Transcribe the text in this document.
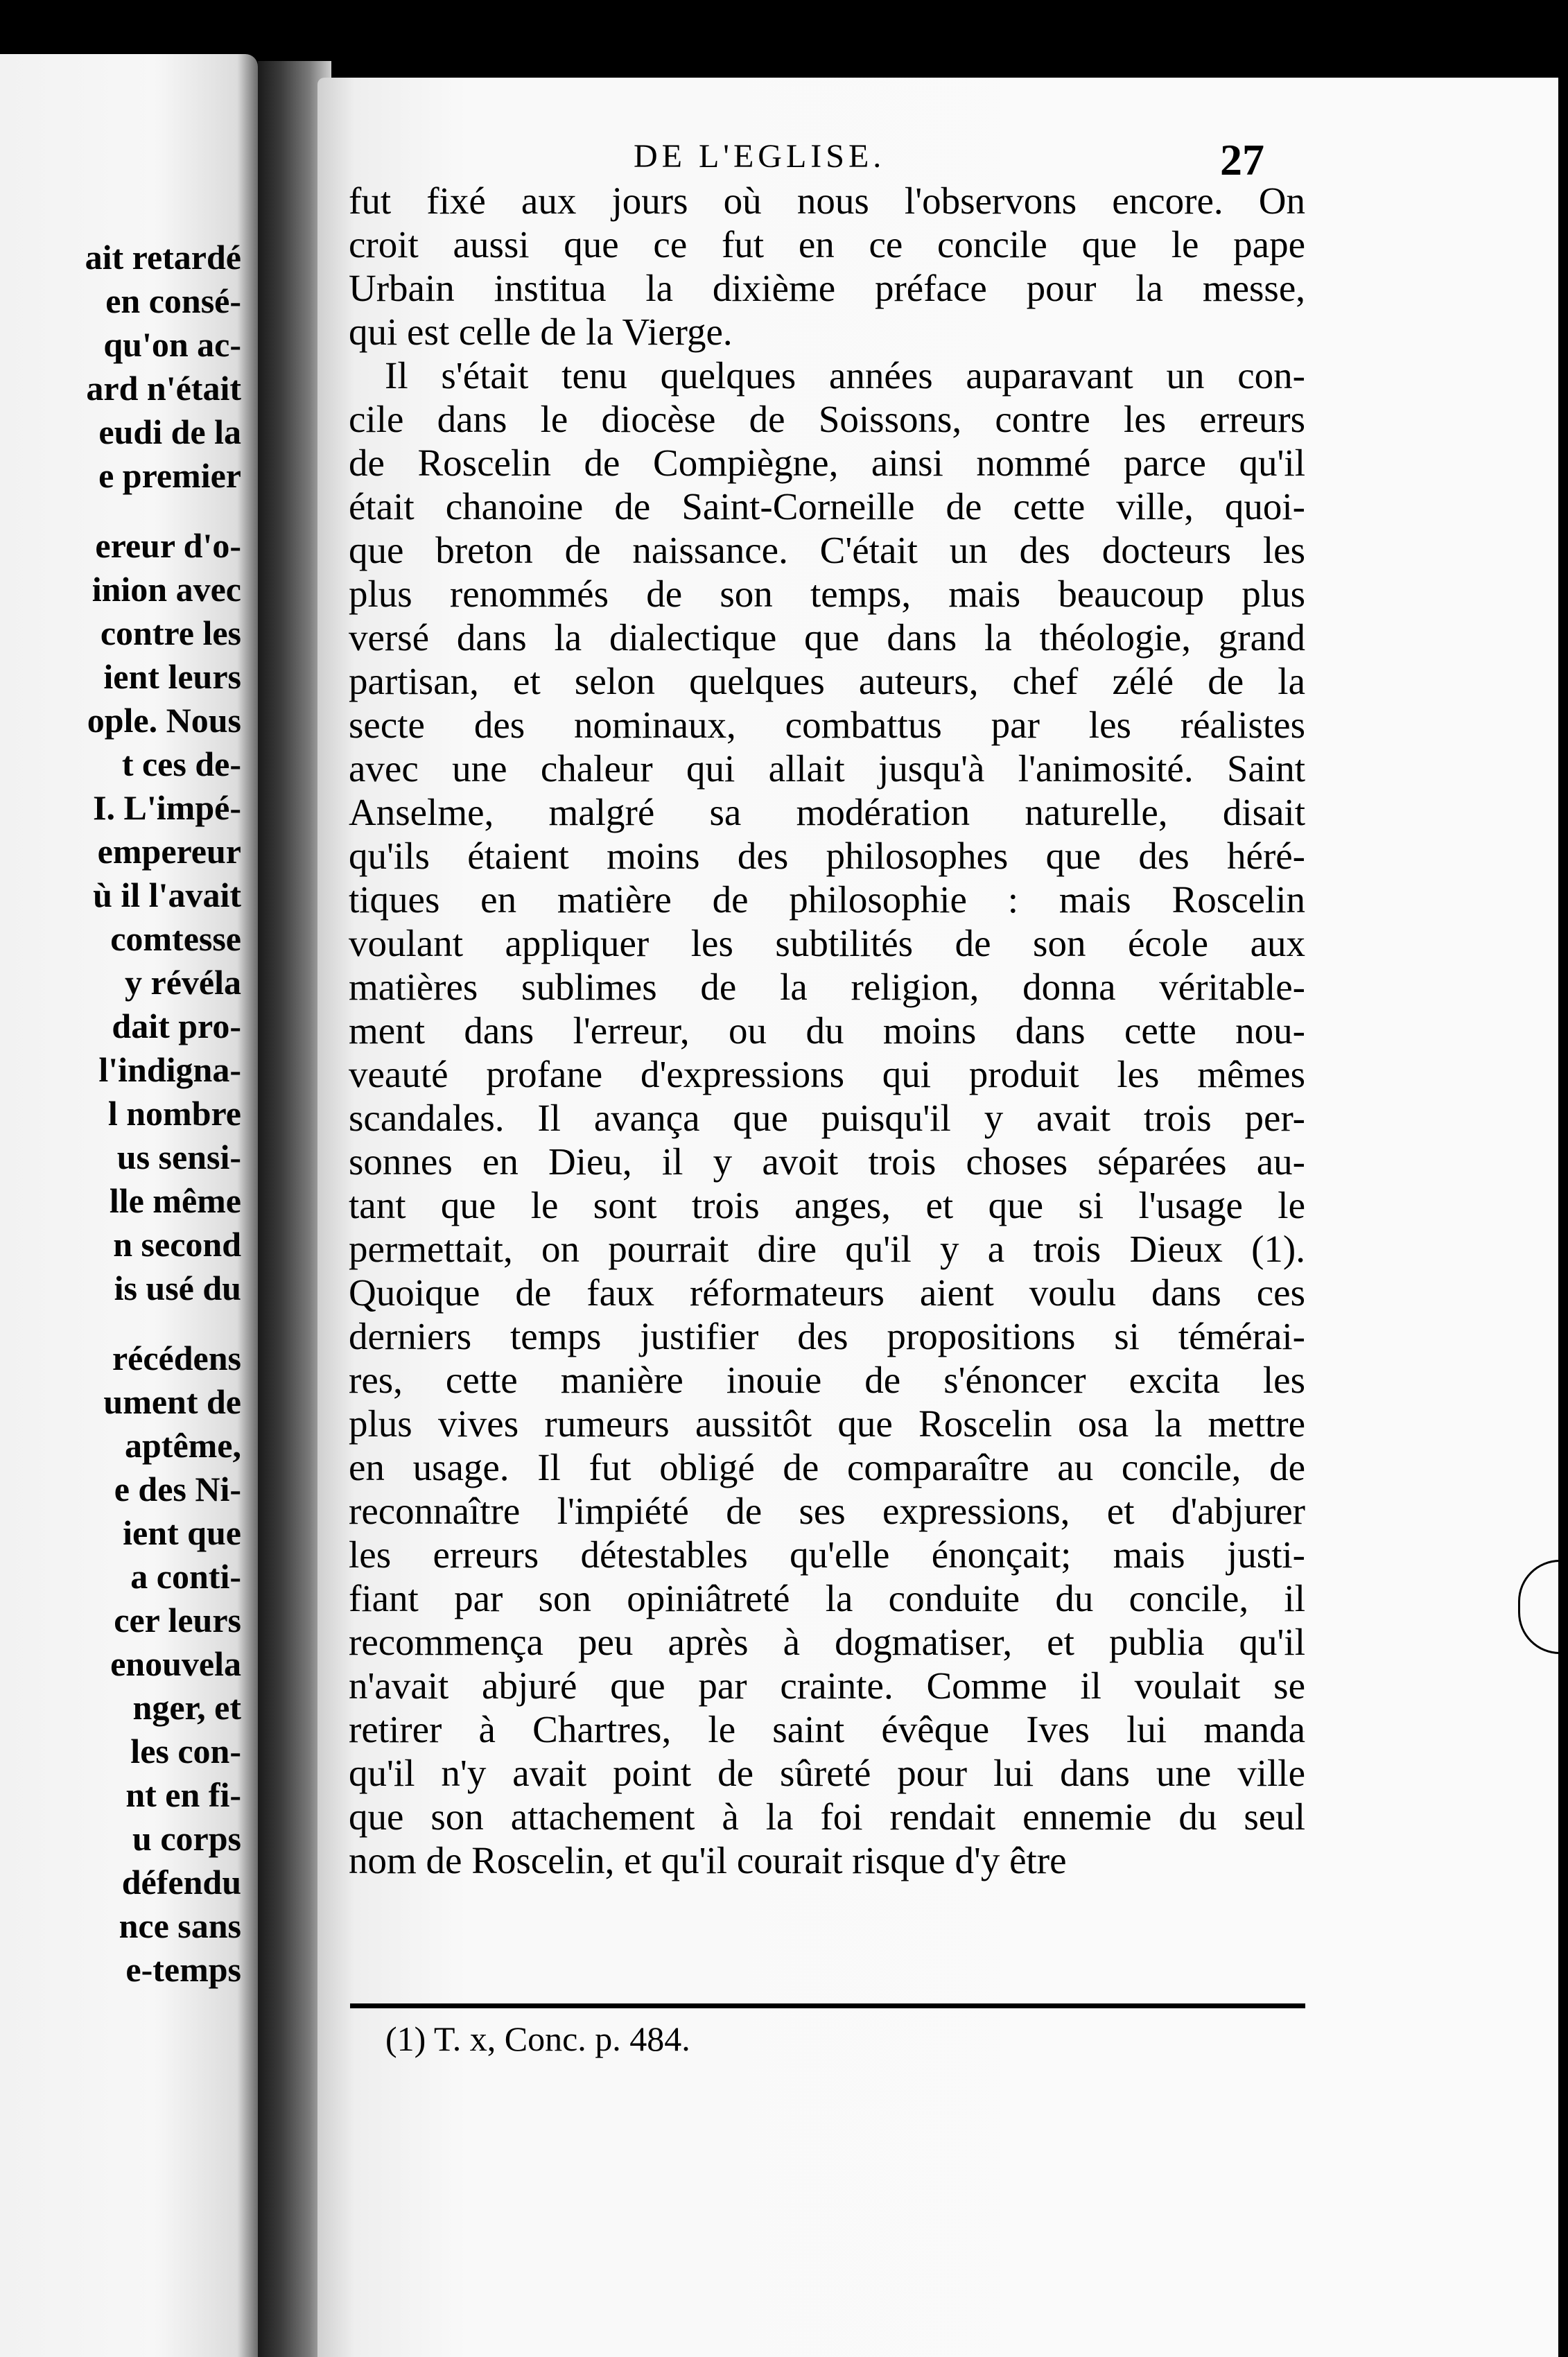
ait retardé
en consé-
qu'on ac-
ard n'était
eudi de la
e premier
ereur d'o-
inion avec
contre les
ient leurs
ople. Nous
t ces de-
I. L'impé-
empereur
ù il l'avait
comtesse
y révéla
dait pro-
l'indigna-
l nombre
us sensi-
lle même
n second
is usé du
récédens
ument de
aptême,
e des Ni-
ient que
a conti-
cer leurs
enouvela
nger, et
les con-
nt en fi-
u corps
défendu
nce sans
e-temps
DE L'EGLISE.	27
fut fixé aux jours où nous l'observons encore. On
croit aussi que ce fut en ce concile que le pape
Urbain institua la dixième préface pour la messe,
qui est celle de la Vierge.
Il s'était tenu quelques années auparavant un con-
cile dans le diocèse de Soissons, contre les erreurs
de Roscelin de Compiègne, ainsi nommé parce qu'il
était chanoine de Saint-Corneille de cette ville, quoi-
que breton de naissance. C'était un des docteurs les
plus renommés de son temps, mais beaucoup plus
versé dans la dialectique que dans la théologie, grand
partisan, et selon quelques auteurs, chef zélé de la
secte des nominaux, combattus par les réalistes
avec une chaleur qui allait jusqu'à l'animosité. Saint
Anselme, malgré sa modération naturelle, disait
qu'ils étaient moins des philosophes que des héré-
tiques en matière de philosophie : mais Roscelin
voulant appliquer les subtilités de son école aux
matières sublimes de la religion, donna véritable-
ment dans l'erreur, ou du moins dans cette nou-
veauté profane d'expressions qui produit les mêmes
scandales. Il avança que puisqu'il y avait trois per-
sonnes en Dieu, il y avoit trois choses séparées au-
tant que le sont trois anges, et que si l'usage le
permettait, on pourrait dire qu'il y a trois Dieux (1).
Quoique de faux réformateurs aient voulu dans ces
derniers temps justifier des propositions si témérai-
res, cette manière inouie de s'énoncer excita les
plus vives rumeurs aussitôt que Roscelin osa la mettre
en usage. Il fut obligé de comparaître au concile, de
reconnaître l'impiété de ses expressions, et d'abjurer
les erreurs détestables qu'elle énonçait; mais justi-
fiant par son opiniâtreté la conduite du concile, il
recommença peu après à dogmatiser, et publia qu'il
n'avait abjuré que par crainte. Comme il voulait se
retirer à Chartres, le saint évêque Ives lui manda
qu'il n'y avait point de sûreté pour lui dans une ville
que son attachement à la foi rendait ennemie du seul
nom de Roscelin, et qu'il courait risque d'y être
(1) T. x, Conc. p. 484.
